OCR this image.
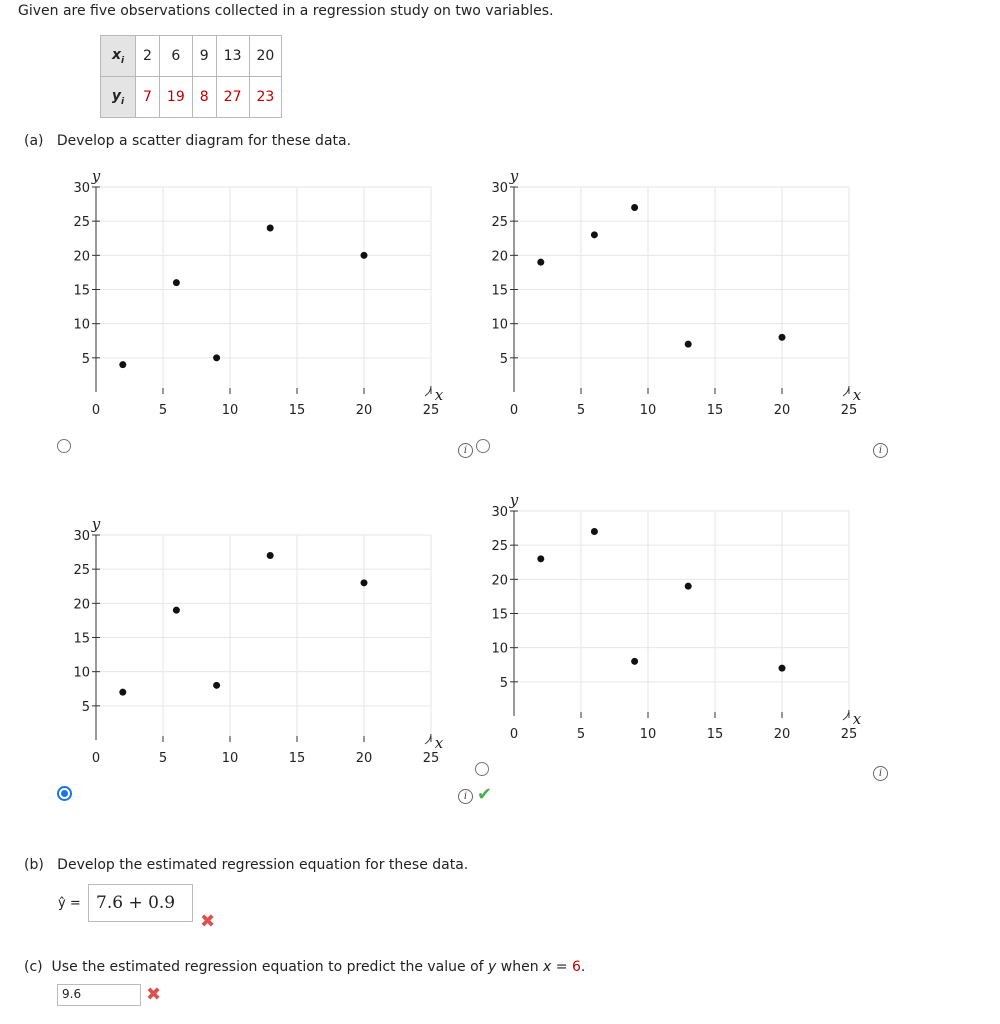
Given are five observations collected in a regression study on two variables.
$x_i$	2	6	9	13	20
$y_i$	7	19	8	27	23
(a) Develop a scatter diagram for these data.
5
10
15
20
25
30
0	5	10	15	20	25
y
x
5
10
15
20
25
30
0	5	10	15	20	25
y
x
5
10
15
20
25
30
0	5	10	15	20	25
y
x
5
10
15
20
25
30
0	5	10	15	20	25
y
x
i	i
i
i
✔
(b) Develop the estimated regression equation for these data.
ŷ = 7.6 + 0.9
✖
(c) Use the estimated regression equation to predict the value of y when x = 6.
9.6	✖
